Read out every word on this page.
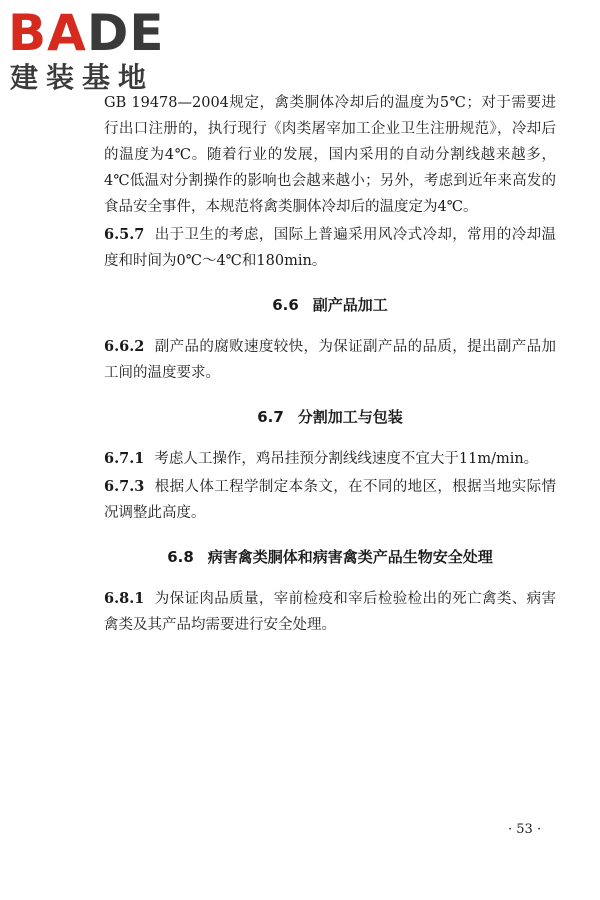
BADE
建装基地

GB 19478—2004规定，禽类胴体冷却后的温度为5℃；对于需要进行出口注册的，执行现行《肉类屠宰加工企业卫生注册规范》，冷却后的温度为4℃。随着行业的发展，国内采用的自动分割线越来越多，4℃低温对分割操作的影响也会越来越小；另外，考虑到近年来高发的食品安全事件，本规范将禽类胴体冷却后的温度定为4℃。

6.5.7 出于卫生的考虑，国际上普遍采用风冷式冷却，常用的冷却温度和时间为0℃～4℃和180min。

6.6 副产品加工

6.6.2 副产品的腐败速度较快，为保证副产品的品质，提出副产品加工间的温度要求。

6.7 分割加工与包装

6.7.1 考虑人工操作，鸡吊挂预分割线线速度不宜大于11m/min。

6.7.3 根据人体工程学制定本条文，在不同的地区，根据当地实际情况调整此高度。

6.8 病害禽类胴体和病害禽类产品生物安全处理

6.8.1 为保证肉品质量，宰前检疫和宰后检验检出的死亡禽类、病害禽类及其产品均需要进行安全处理。

· 53 ·
